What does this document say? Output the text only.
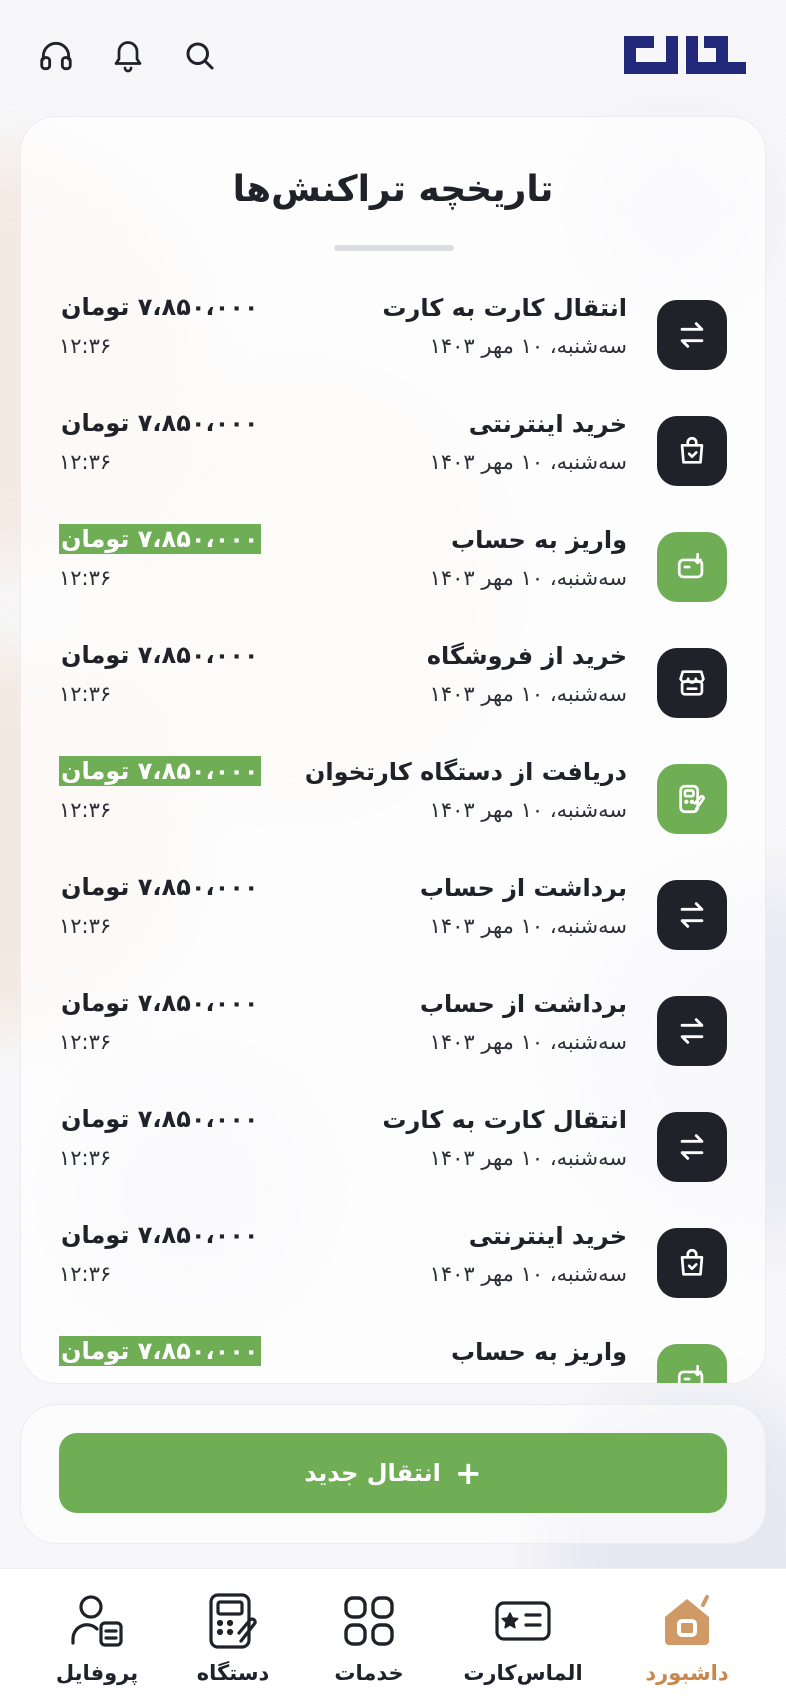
تاریخچه تراکنش‌ها
انتقال کارت به کارت
سه‌شنبه، ۱۰ مهر ۱۴۰۳
۷،۸۵۰،۰۰۰ تومان
۱۲:۳۶
خرید اینترنتی
سه‌شنبه، ۱۰ مهر ۱۴۰۳
۷،۸۵۰،۰۰۰ تومان
۱۲:۳۶
واریز به حساب
سه‌شنبه، ۱۰ مهر ۱۴۰۳
۷،۸۵۰،۰۰۰ تومان
۱۲:۳۶
خرید از فروشگاه
سه‌شنبه، ۱۰ مهر ۱۴۰۳
۷،۸۵۰،۰۰۰ تومان
۱۲:۳۶
دریافت از دستگاه کارتخوان
سه‌شنبه، ۱۰ مهر ۱۴۰۳
۷،۸۵۰،۰۰۰ تومان
۱۲:۳۶
برداشت از حساب
سه‌شنبه، ۱۰ مهر ۱۴۰۳
۷،۸۵۰،۰۰۰ تومان
۱۲:۳۶
برداشت از حساب
سه‌شنبه، ۱۰ مهر ۱۴۰۳
۷،۸۵۰،۰۰۰ تومان
۱۲:۳۶
انتقال کارت به کارت
سه‌شنبه، ۱۰ مهر ۱۴۰۳
۷،۸۵۰،۰۰۰ تومان
۱۲:۳۶
خرید اینترنتی
سه‌شنبه، ۱۰ مهر ۱۴۰۳
۷،۸۵۰،۰۰۰ تومان
۱۲:۳۶
واریز به حساب
۷،۸۵۰،۰۰۰ تومان
+
انتقال جدید
داشبورد
الماس‌کارت
خدمات
دستگاه
پروفایل
